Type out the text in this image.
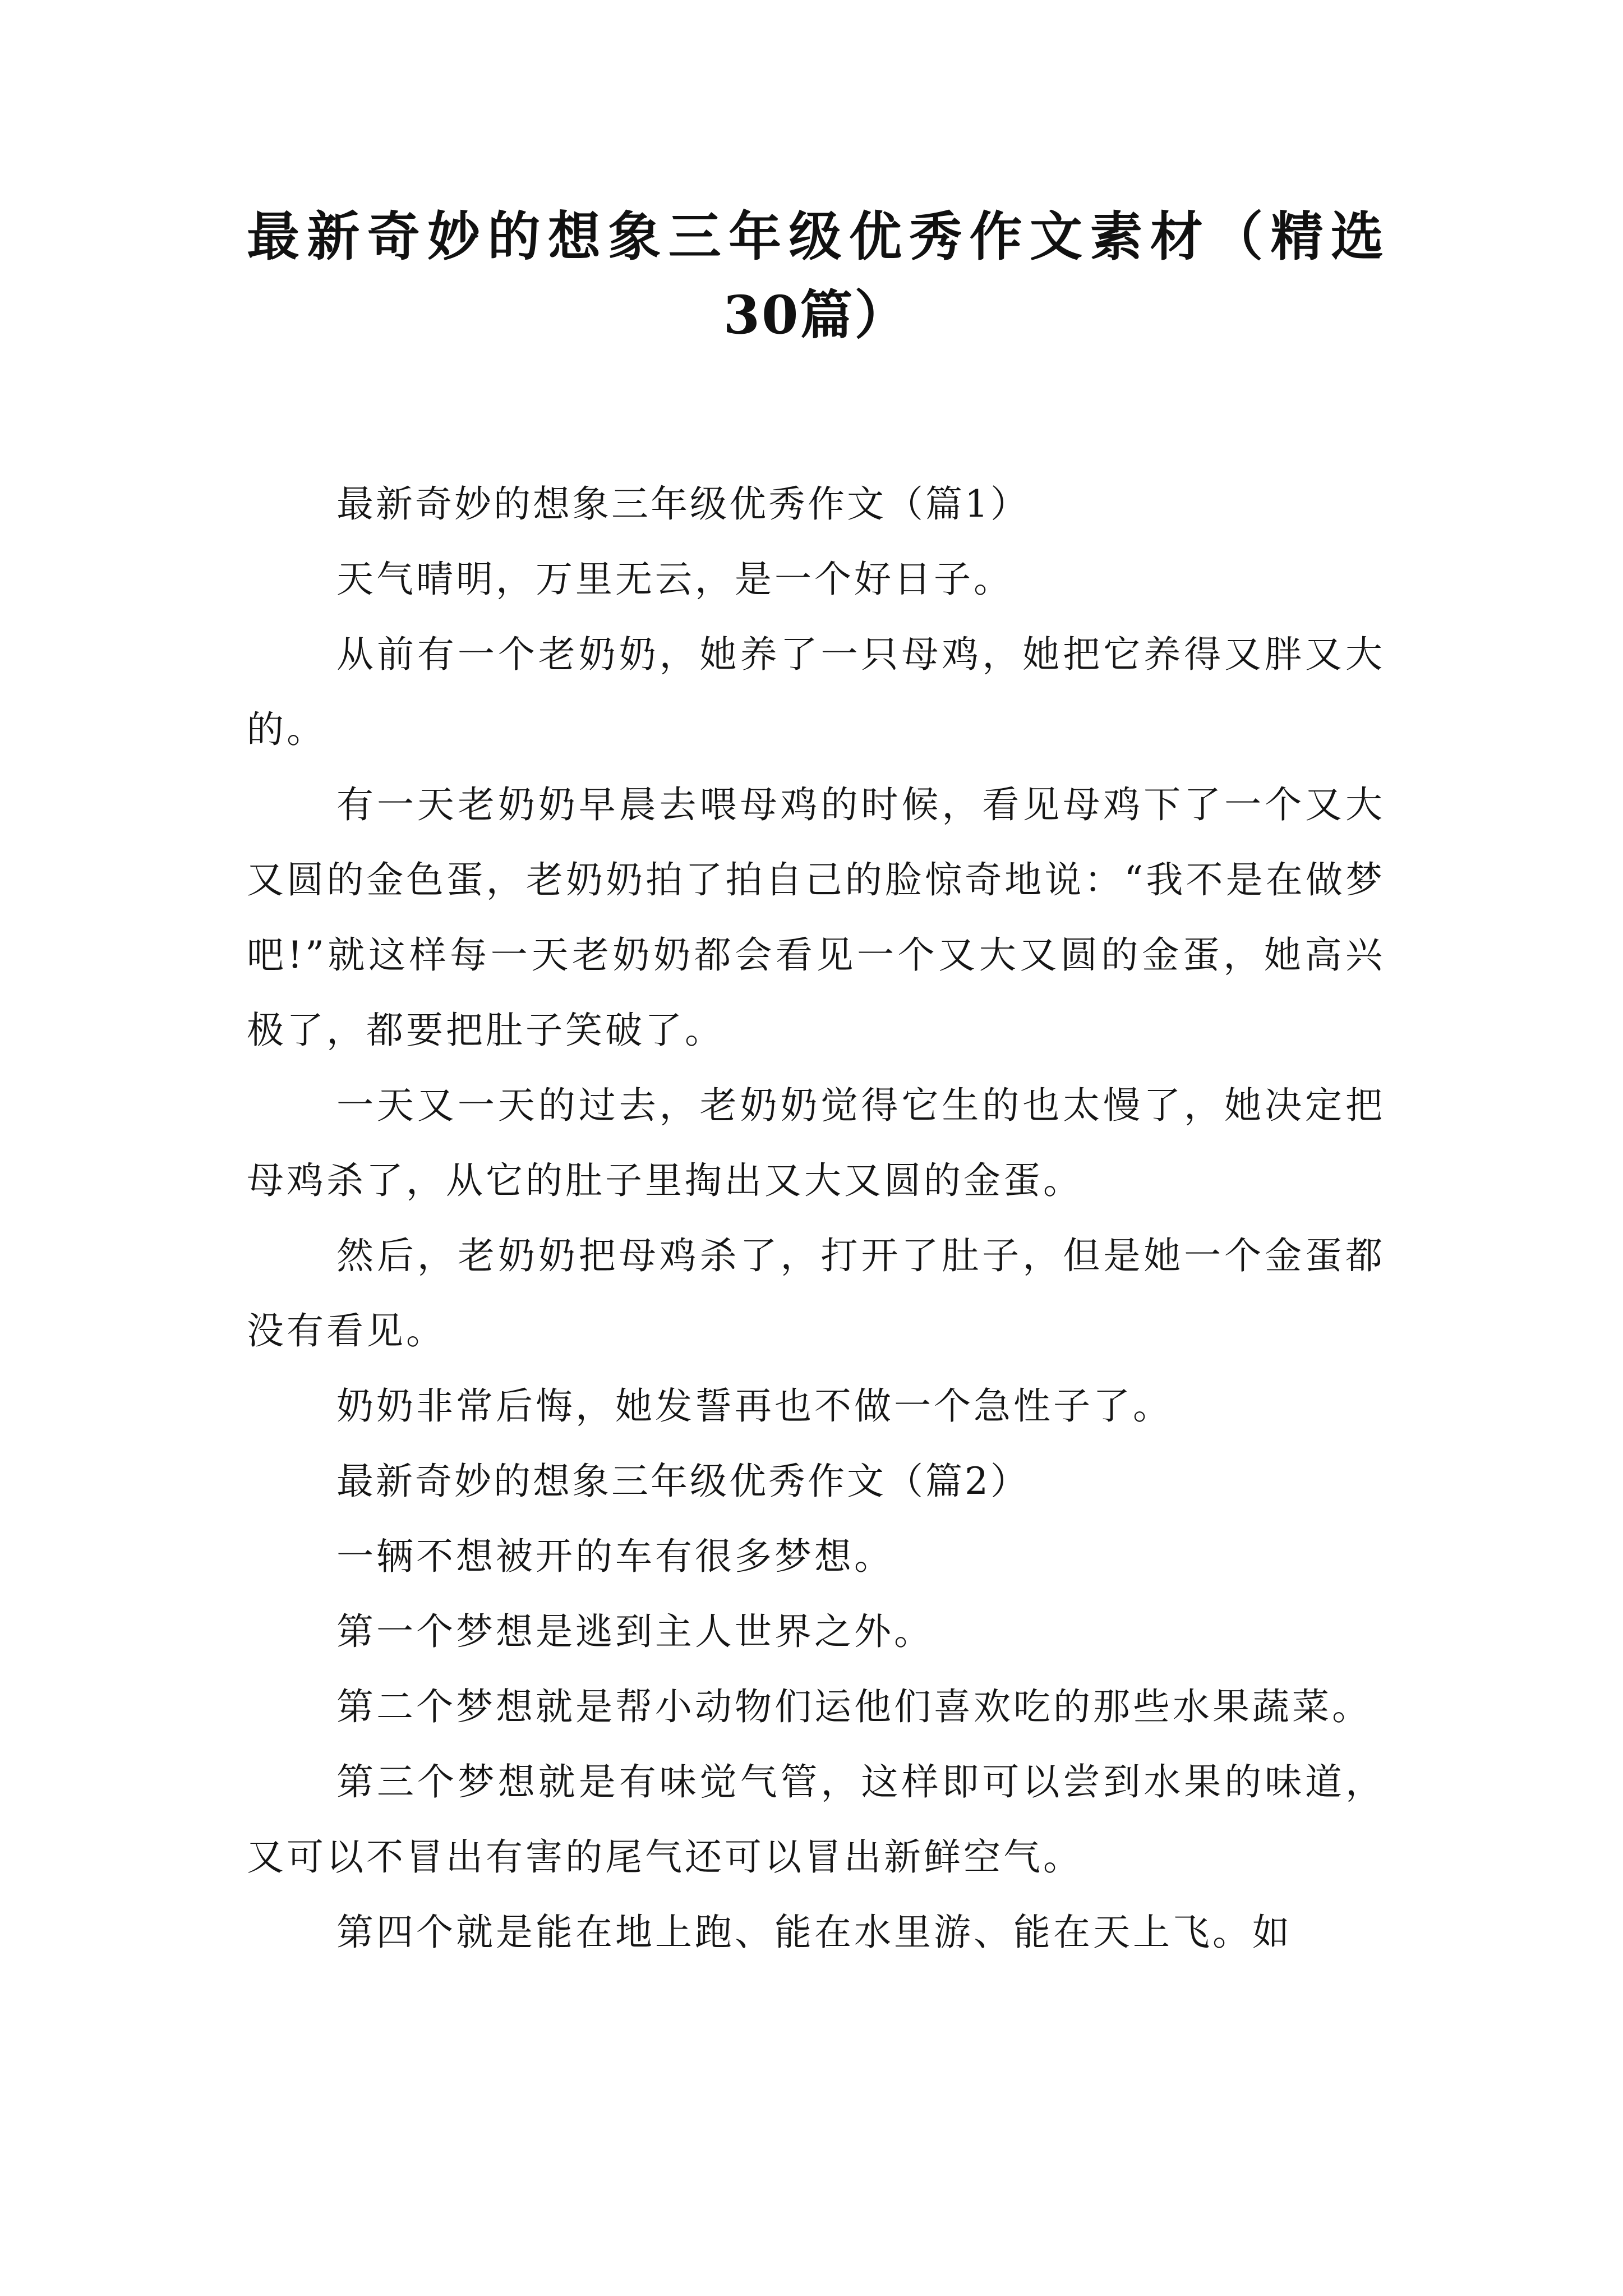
最新奇妙的想象三年级优秀作文素材（精选
30篇）

最新奇妙的想象三年级优秀作文（篇1）

天气晴明，万里无云，是一个好日子。

从前有一个老奶奶，她养了一只母鸡，她把它养得又胖又大的。

有一天老奶奶早晨去喂母鸡的时候，看见母鸡下了一个又大又圆的金色蛋，老奶奶拍了拍自己的脸惊奇地说：“我不是在做梦吧!”就这样每一天老奶奶都会看见一个又大又圆的金蛋，她高兴极了，都要把肚子笑破了。

一天又一天的过去，老奶奶觉得它生的也太慢了，她决定把母鸡杀了，从它的肚子里掏出又大又圆的金蛋。

然后，老奶奶把母鸡杀了，打开了肚子，但是她一个金蛋都没有看见。

奶奶非常后悔，她发誓再也不做一个急性子了。

最新奇妙的想象三年级优秀作文（篇2）

一辆不想被开的车有很多梦想。

第一个梦想是逃到主人世界之外。

第二个梦想就是帮小动物们运他们喜欢吃的那些水果蔬菜。

第三个梦想就是有味觉气管，这样即可以尝到水果的味道，又可以不冒出有害的尾气还可以冒出新鲜空气。

第四个就是能在地上跑、能在水里游、能在天上飞。如
